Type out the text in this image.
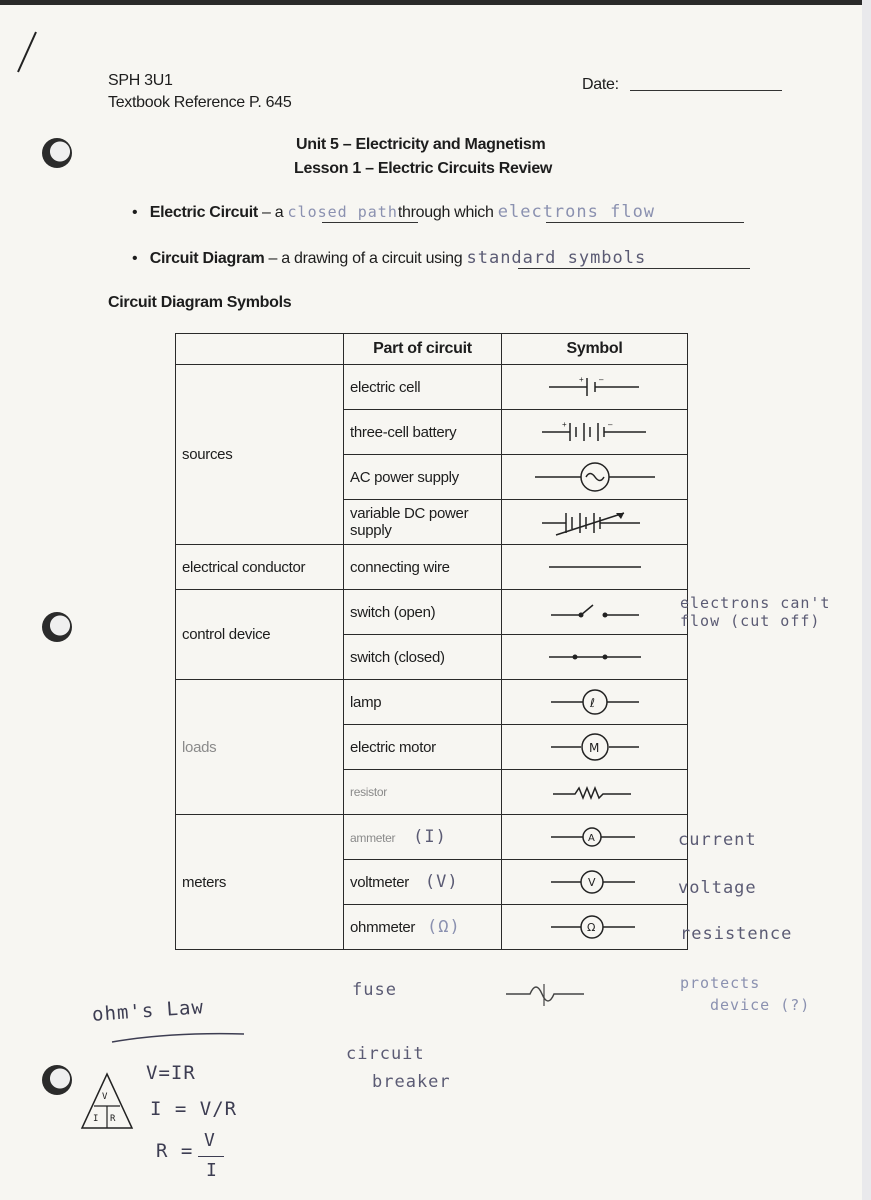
SPH 3U1
Textbook Reference P. 645
Date:
Unit 5 – Electricity and Magnetism
Lesson 1 – Electric Circuits Review
•   Electric Circuit – a closed paththrough which electrons flow
•   Circuit Diagram – a drawing of a circuit using standard symbols
Circuit Diagram Symbols
	Part of circuit	Symbol
sources	electric cell	+ –

	three-cell battery	+ –

	AC power supply	

	variable DC power supply	

electrical conductor	connecting wire	

control device	switch (open)	

	switch (closed)	

loads	lamp	ℓ

	electric motor	M

	resistor	

meters	ammeter (I)	A

	voltmeter (V)	V

	ohmmeter (Ω)	Ω
electrons can't
flow (cut off)
current
voltage
resistence
fuse	protects
device (?)
circuit
breaker
ohm's Law
V
I R
V=IR
I = V/R
R = V
I
